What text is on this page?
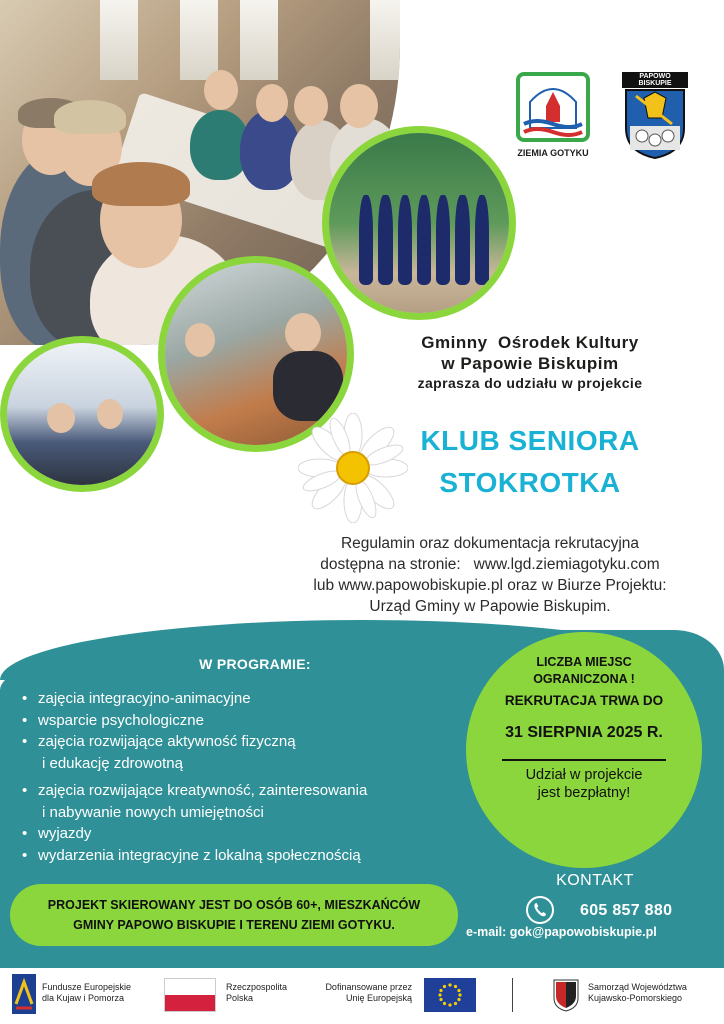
ZIEMIA GOTYKU
PAPOWO BISKUPIE
Gminny  Ośrodek Kultury
w Papowie Biskupim
zaprasza do udziału w projekcie
KLUB SENIORA
STOKROTKA
Regulamin oraz dokumentacja rekrutacyjna
dostępna na stronie:   www.lgd.ziemiagotyku.com
lub www.papowobiskupie.pl oraz w Biurze Projektu:
Urząd Gminy w Papowie Biskupim.
W PROGRAMIE:
• zajęcia integracyjno-animacyjne
• wsparcie psychologiczne
• zajęcia rozwijające aktywność fizyczną
i edukację zdrowotną
• zajęcia rozwijające kreatywność, zainteresowania
i nabywanie nowych umiejętności
• wyjazdy
• wydarzenia integracyjne z lokalną społecznością
LICZBA MIEJSC
OGRANICZONA !
REKRUTACJA TRWA DO
31 SIERPNIA 2025 R.
Udział w projekcie
jest bezpłatny!
PROJEKT SKIEROWANY JEST DO OSÓB 60+, MIESZKAŃCÓW
GMINY PAPOWO BISKUPIE I TERENU ZIEMI GOTYKU.
KONTAKT
605 857 880
e-mail: gok@papowobiskupie.pl
Fundusze Europejskie
dla Kujaw i Pomorza
Rzeczpospolita
Polska
Dofinansowane przez
Unię Europejską
Samorząd Województwa
Kujawsko-Pomorskiego
